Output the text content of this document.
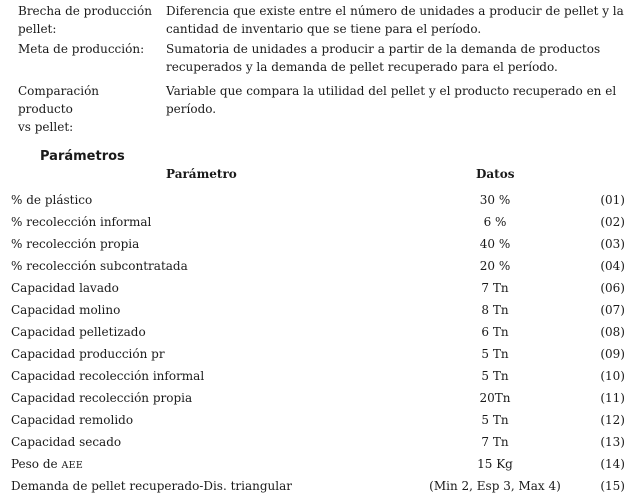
Brecha de producción pellet:
Diferencia que existe entre el número de unidades a producir de pellet y la cantidad de inventario que se tiene para el período.
Meta de producción:	Sumatoria de unidades a producir a partir de la demanda de productos recuperados y la demanda de pellet recuperado para el período.
Comparación producto
vs pellet:
Variable que compara la utilidad del pellet y el producto recuperado en el período.
Parámetros
Parámetro	Datos
% de plástico	30 %	(01)
% recolección informal	6 %	(02)
% recolección propia	40 %	(03)
% recolección subcontratada	20 %	(04)
Capacidad lavado	7 Tn	(06)
Capacidad molino	8 Tn	(07)
Capacidad pelletizado	6 Tn	(08)
Capacidad producción pr	5 Tn	(09)
Capacidad recolección informal	5 Tn	(10)
Capacidad recolección propia	20Tn	(11)
Capacidad remolido	5 Tn	(12)
Capacidad secado	7 Tn	(13)
Peso de AEE	15 Kg	(14)
Demanda de pellet recuperado-Dis. triangular	(Min 2, Esp 3, Max 4)	(15)
